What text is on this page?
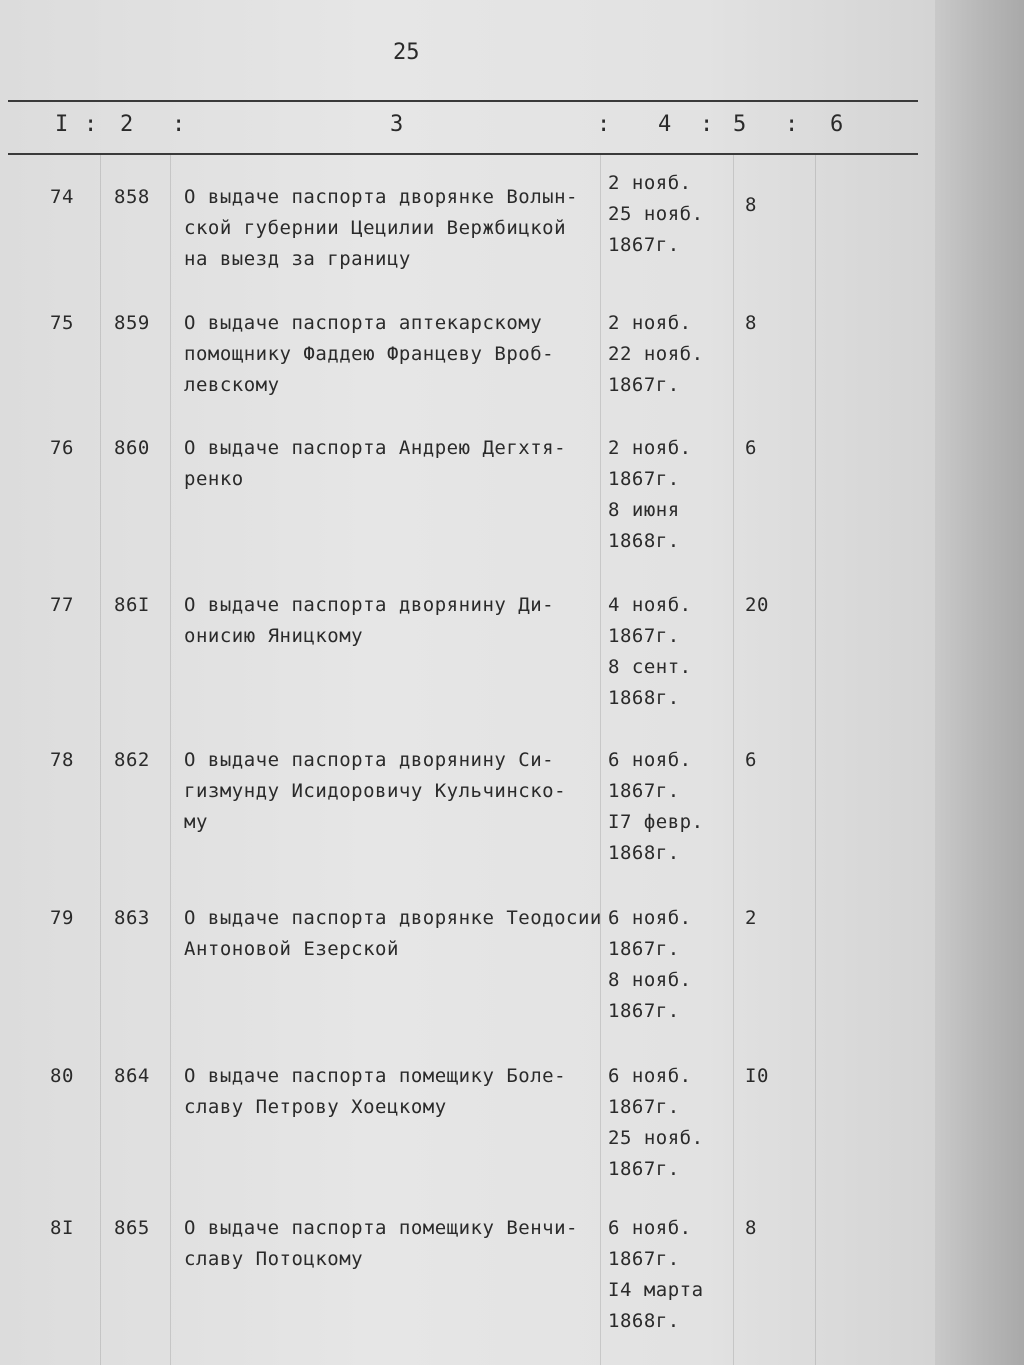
25
I : 2 :	3	: 4 : 5 : 6
74 858 О выдаче паспорта дворянке Волын-
ской губернии Цецилии Вержбицкой
на выезд за границу
2 нояб.
25 нояб.
1867г.
8
75 859 О выдаче паспорта аптекарскому
помощнику Фаддею Францеву Вроб-
левскому
2 нояб.
22 нояб.
1867г.
8
76 860 О выдаче паспорта Андрею Дегхтя-
ренко
2 нояб.
1867г.
8 июня
1868г.
6
77 86I О выдаче паспорта дворянину Ди-
онисию Яницкому
4 нояб.
1867г.
8 сент.
1868г.
20
78 862 О выдаче паспорта дворянину Си-
гизмунду Исидоровичу Кульчинско-
му
6 нояб.
1867г.
I7 февр.
1868г.
6
79 863 О выдаче паспорта дворянке Теодосии
Антоновой Езерской
6 нояб.
1867г.
8 нояб.
1867г.
2
80 864 О выдаче паспорта помещику Боле-
славу Петрову Хоецкому
6 нояб.
1867г.
25 нояб.
1867г.
I0
8I 865 О выдаче паспорта помещику Венчи-
славу Потоцкому
6 нояб.
1867г.
I4 марта
1868г.
8
